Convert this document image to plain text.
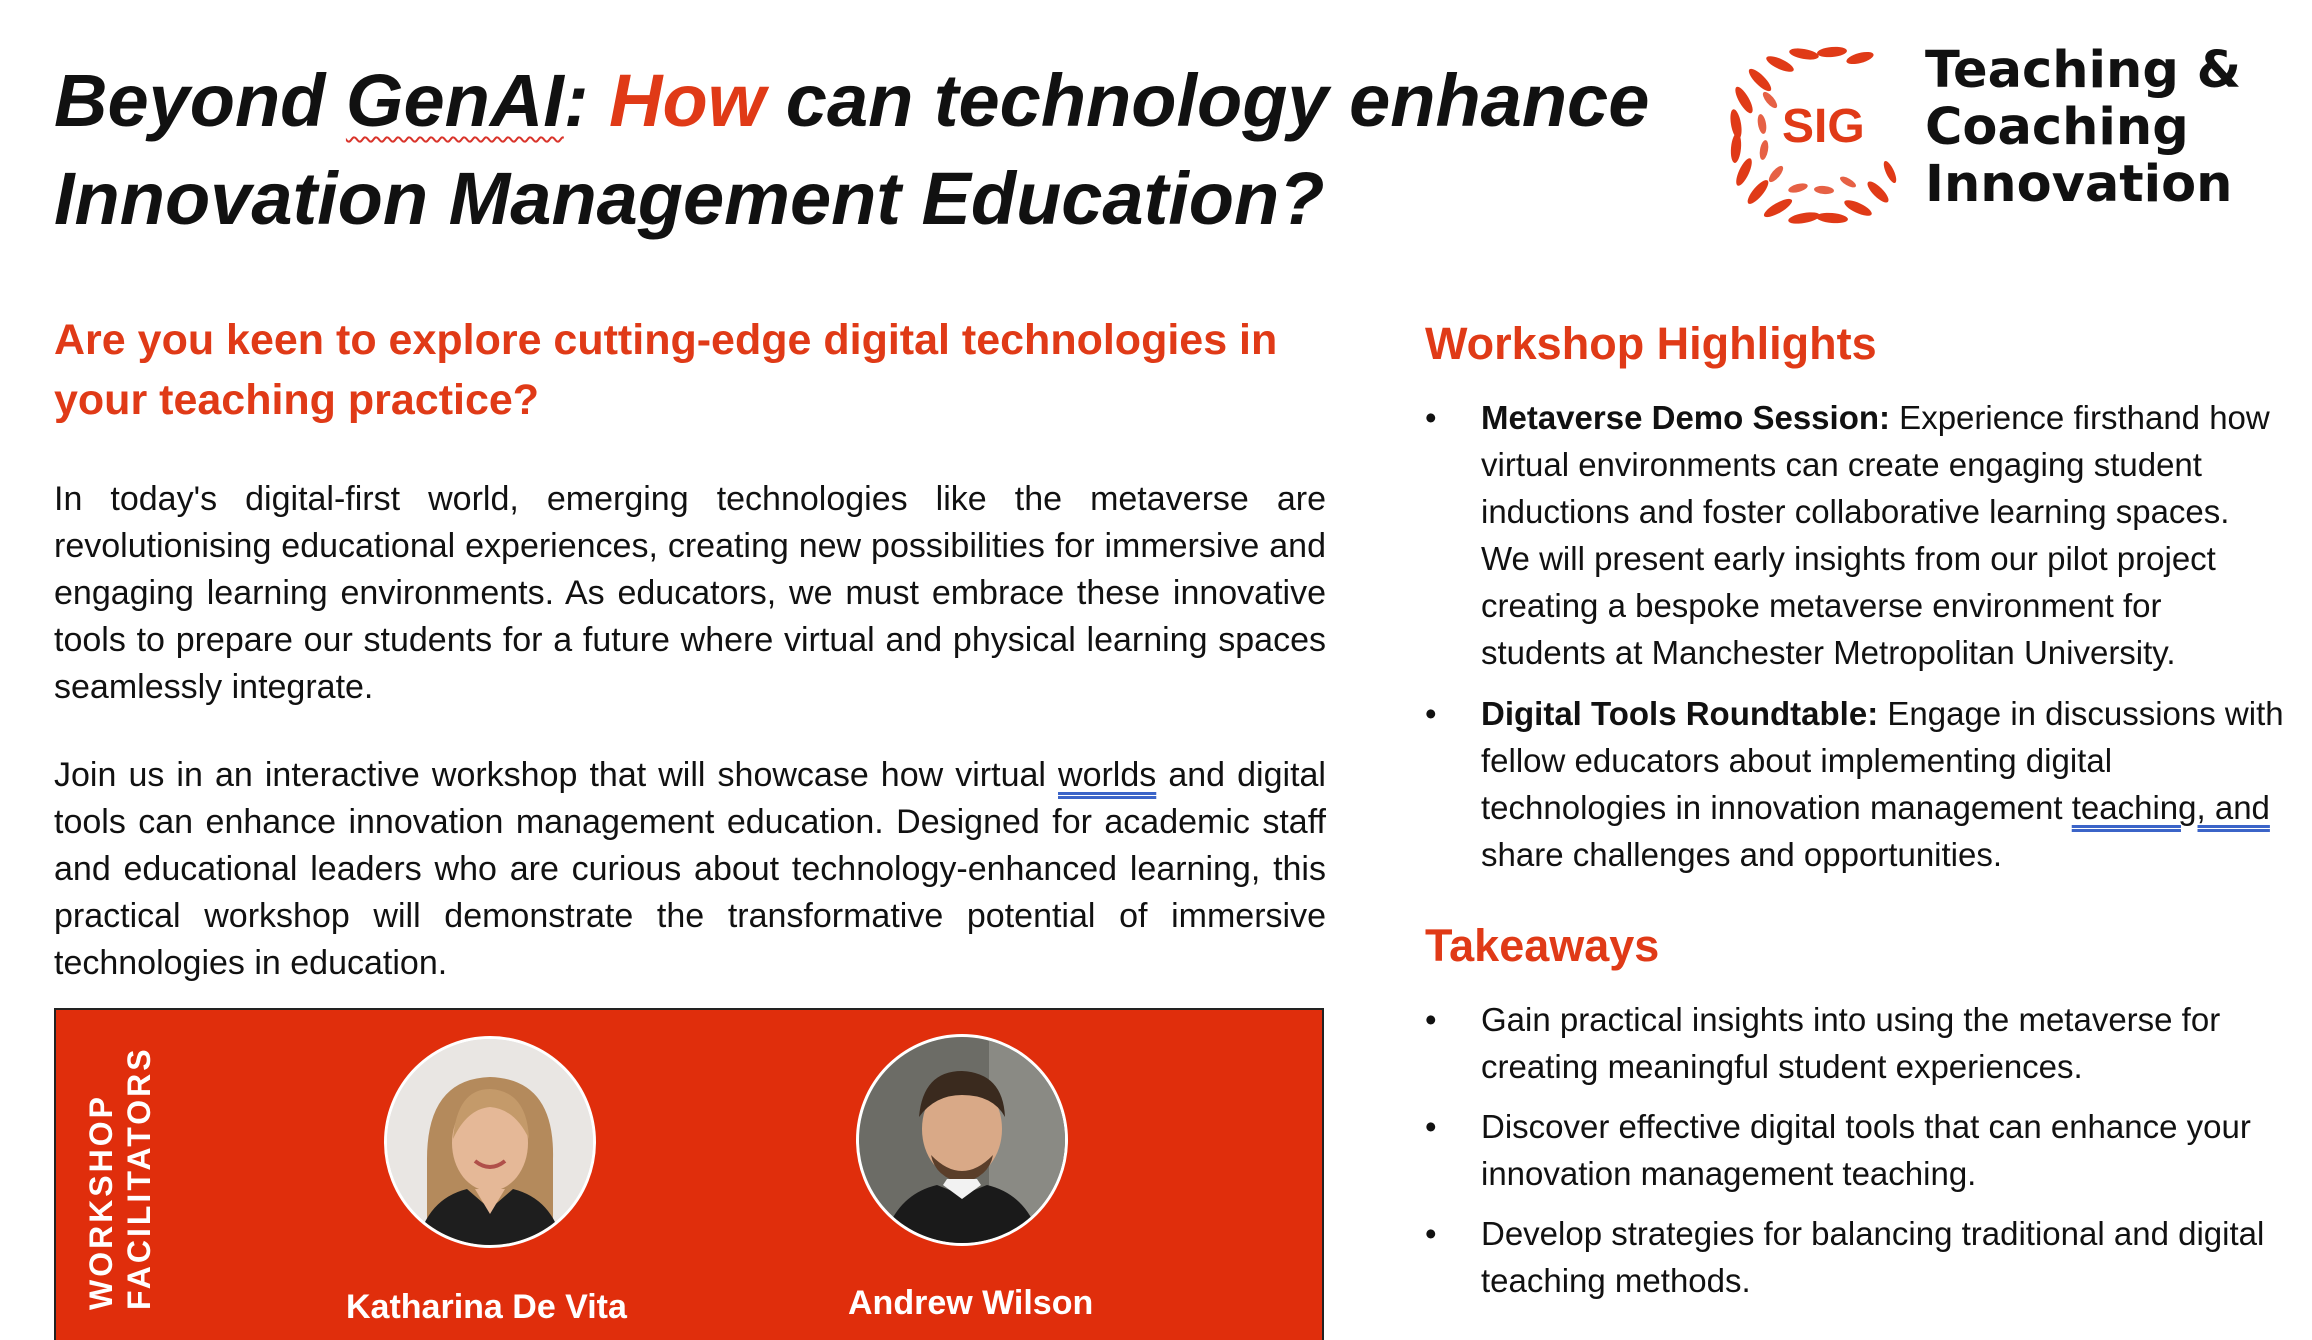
Beyond GenAI: How can technology enhance
Innovation Management Education?
SIG
Teaching &
Coaching
Innovation
Are you keen to explore cutting-edge digital technologies in your teaching practice?
In today's digital-first world, emerging technologies like the metaverse are revolutionising educational experiences, creating new possibilities for immersive and engaging learning environments. As educators, we must embrace these innovative tools to prepare our students for a future where virtual and physical learning spaces seamlessly integrate.
Join us in an interactive workshop that will showcase how virtual worlds and digital tools can enhance innovation management education. Designed for academic staff and educational leaders who are curious about technology-enhanced learning, this practical workshop will demonstrate the transformative potential of immersive technologies in education.
WORKSHOP FACILITATORS	Katharina De Vita	Andrew Wilson
Workshop Highlights
• Metaverse Demo Session: Experience firsthand how virtual environments can create engaging student inductions and foster collaborative learning spaces. We will present early insights from our pilot project creating a bespoke metaverse environment for students at Manchester Metropolitan University.
• Digital Tools Roundtable: Engage in discussions with fellow educators about implementing digital technologies in innovation management teaching, and share challenges and opportunities.
Takeaways
• Gain practical insights into using the metaverse for creating meaningful student experiences.
• Discover effective digital tools that can enhance your innovation management teaching.
• Develop strategies for balancing traditional and digital teaching methods.
